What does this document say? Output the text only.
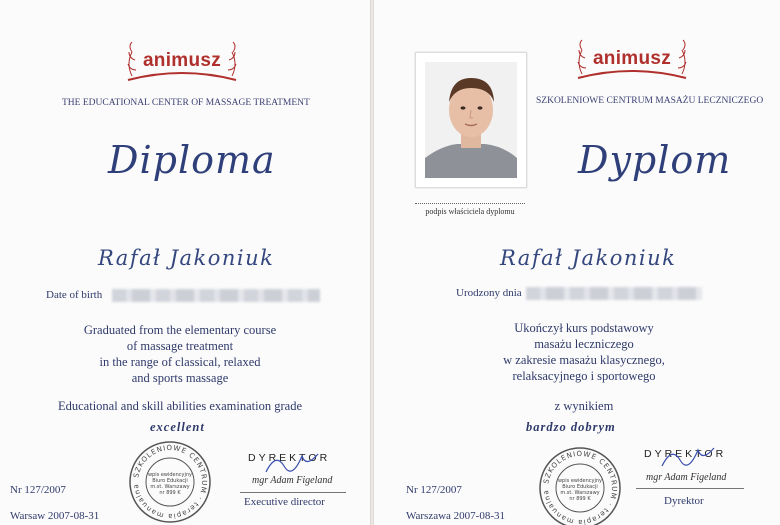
animusz
THE EDUCATIONAL CENTER OF MASSAGE TREATMENT
Diploma
Rafał Jakoniuk
Date of birth
Graduated from the elementary course
of massage treatment
in the range of classical, relaxed
and sports massage
Educational and skill abilities examination grade
excellent
SZKOLENIOWE CENTRUM · terapia manualna
wpis ewidencyjny
Biuro Edukacji
m.st. Warszawy
nr 899 K
DYREKTOR
mgr Adam Figeland
Executive director
Nr 127/2007
Warsaw 2007-08-31
animusz
SZKOLENIOWE CENTRUM MASAŻU LECZNICZEGO
Dyplom
Rafał Jakoniuk
Urodzony dnia
Ukończył kurs podstawowy
masażu leczniczego
w zakresie masażu klasycznego,
relaksacyjnego i sportowego
z wynikiem
bardzo dobrym
SZKOLENIOWE CENTRUM · terapia manualna
wpis ewidencyjny
Biuro Edukacji
m.st. Warszawy
nr 899 K
DYREKTOR
mgr Adam Figeland
Dyrektor
Nr 127/2007
Warszawa 2007-08-31
podpis właściciela dyplomu
